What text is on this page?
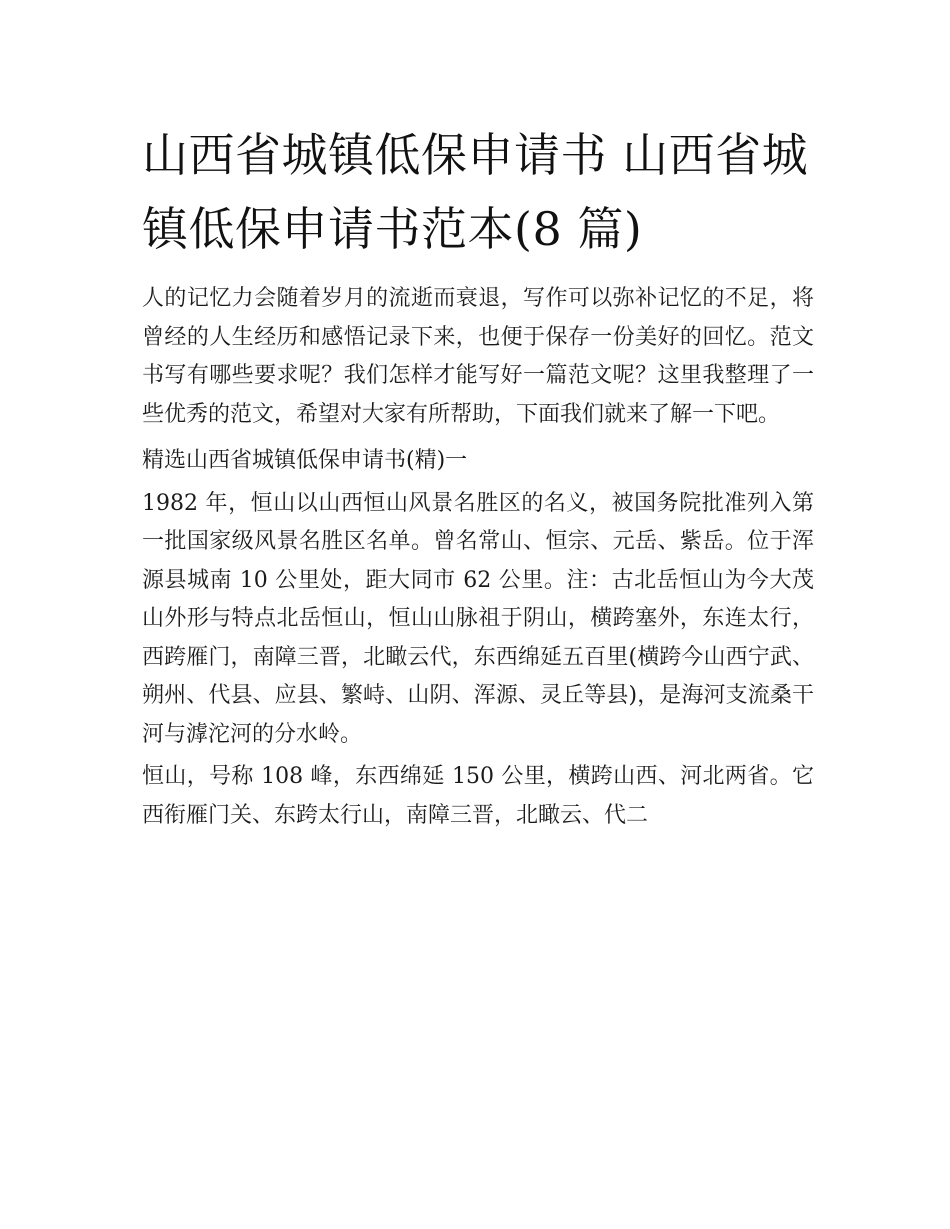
山西省城镇低保申请书 山西省城镇低保申请书范本(8 篇)

人的记忆力会随着岁月的流逝而衰退，写作可以弥补记忆的不足，将曾经的人生经历和感悟记录下来，也便于保存一份美好的回忆。范文书写有哪些要求呢？我们怎样才能写好一篇范文呢？这里我整理了一些优秀的范文，希望对大家有所帮助，下面我们就来了解一下吧。

精选山西省城镇低保申请书(精)一

1982 年，恒山以山西恒山风景名胜区的名义，被国务院批准列入第一批国家级风景名胜区名单。曾名常山、恒宗、元岳、紫岳。位于浑源县城南 10 公里处，距大同市 62 公里。注：古北岳恒山为今大茂山外形与特点北岳恒山，恒山山脉祖于阴山，横跨塞外，东连太行，西跨雁门，南障三晋，北瞰云代，东西绵延五百里(横跨今山西宁武、朔州、代县、应县、繁峙、山阴、浑源、灵丘等县)，是海河支流桑干河与滹沱河的分水岭。

恒山，号称 108 峰，东西绵延 150 公里，横跨山西、河北两省。它西衔雁门关、东跨太行山，南障三晋，北瞰云、代二
